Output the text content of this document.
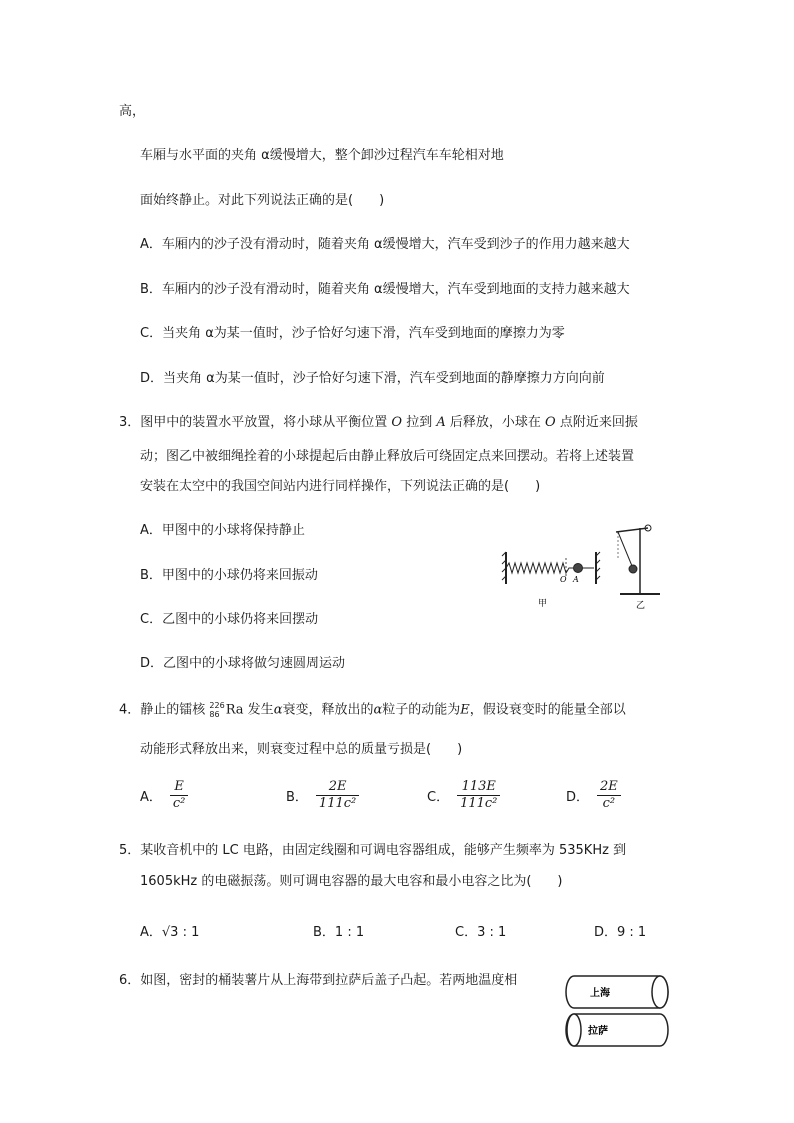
高，
车厢与水平面的夹角 α缓慢增大，整个卸沙过程汽车车轮相对地
面始终静止。对此下列说法正确的是(　　)
A．车厢内的沙子没有滑动时，随着夹角 α缓慢增大，汽车受到沙子的作用力越来越大
B．车厢内的沙子没有滑动时，随着夹角 α缓慢增大，汽车受到地面的支持力越来越大
C．当夹角 α为某一值时，沙子恰好匀速下滑，汽车受到地面的摩擦力为零
D．当夹角 α为某一值时，沙子恰好匀速下滑，汽车受到地面的静摩擦力方向向前
3．图甲中的装置水平放置，将小球从平衡位置 O 拉到 A 后释放，小球在 O 点附近来回振
动；图乙中被细绳拴着的小球提起后由静止释放后可绕固定点来回摆动。若将上述装置
安装在太空中的我国空间站内进行同样操作，下列说法正确的是(　　)
A．甲图中的小球将保持静止
B．甲图中的小球仍将来回振动
C．乙图中的小球仍将来回摆动
D．乙图中的小球将做匀速圆周运动
O A
甲	乙
4．静止的镭核 226
86 Ra 发生α衰变，释放出的α粒子的动能为E，假设衰变时的能量全部以
动能形式释放出来，则衰变过程中总的质量亏损是(　　)
A． $\frac{E}{\text{c²}}$	B． $\frac{2E}{\text{111c²}}$	C． $\frac{113E}{\text{111c²}}$	D． $\frac{2E}{\text{c²}}$
5．某收音机中的 LC 电路，由固定线圈和可调电容器组成，能够产生频率为 535KHz 到
1605kHz 的电磁振荡。则可调电容器的最大电容和最小电容之比为(　　)
A．√3 : 1	B．1 : 1	C．3 : 1	D．9 : 1
6．如图，密封的桶装薯片从上海带到拉萨后盖子凸起。若两地温度相
上海
拉萨
